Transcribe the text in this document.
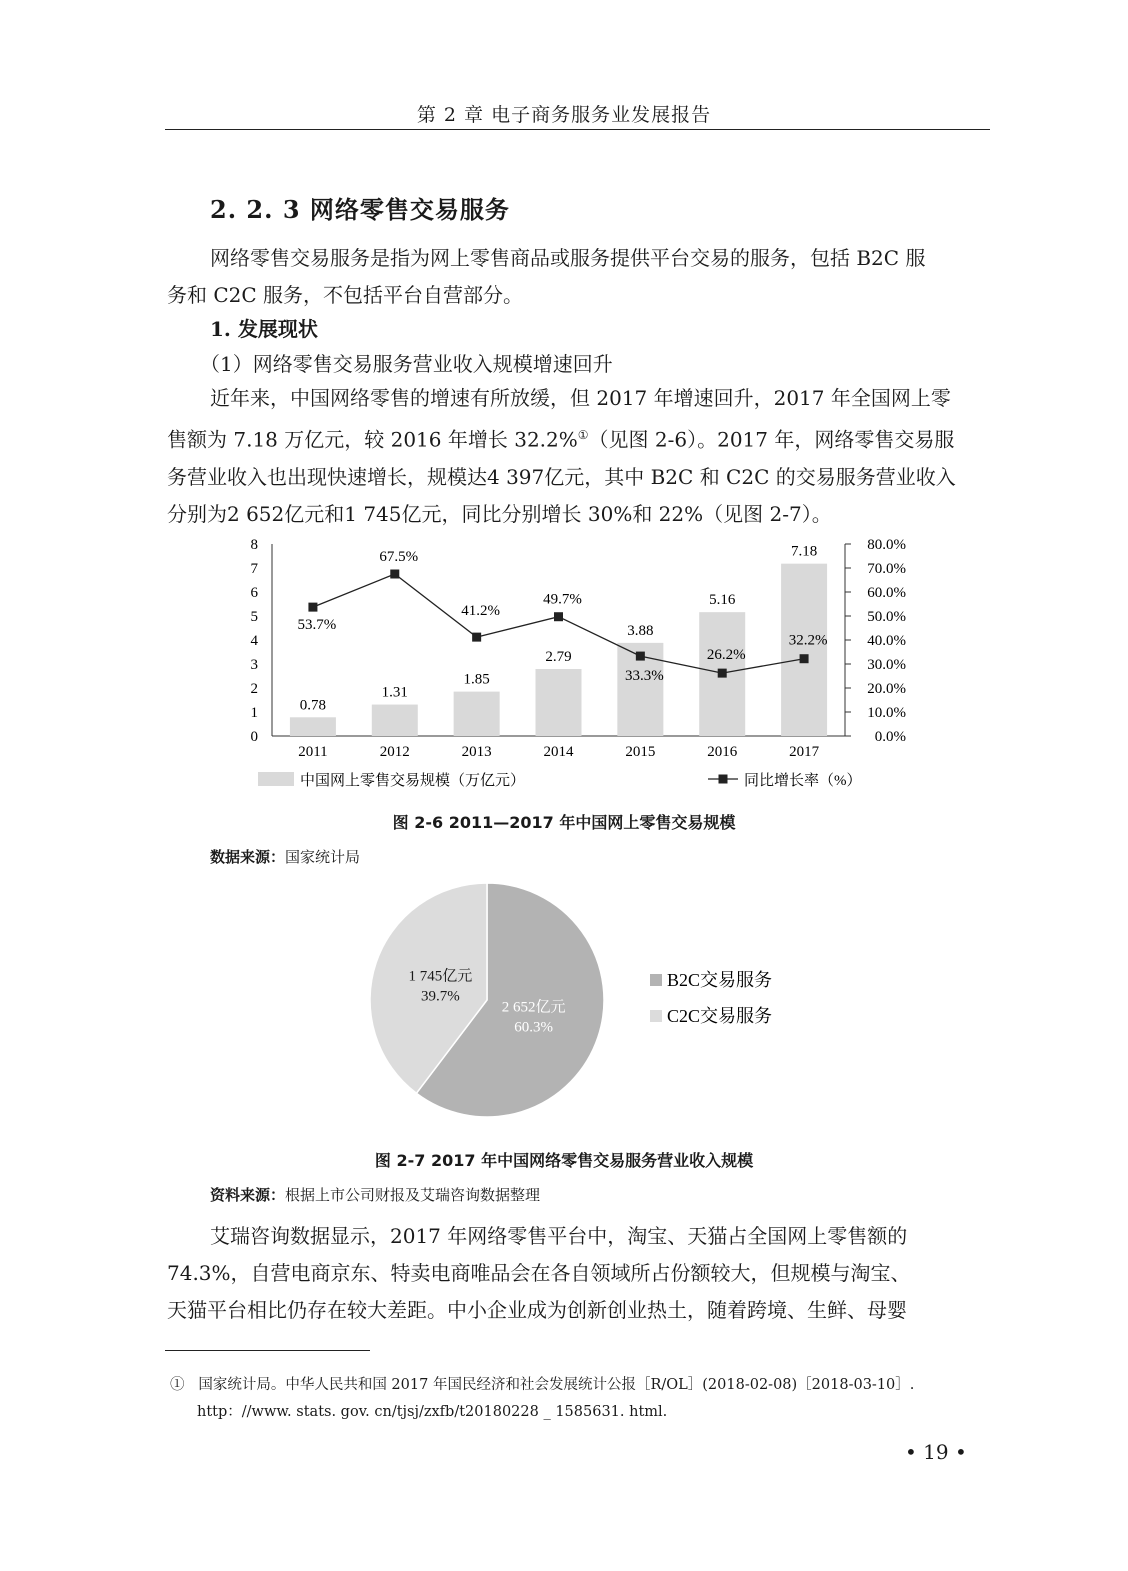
第 2 章 电子商务服务业发展报告
2. 2. 3 网络零售交易服务
网络零售交易服务是指为网上零售商品或服务提供平台交易的服务，包括 B2C 服
务和 C2C 服务，不包括平台自营部分。
1. 发展现状
（1）网络零售交易服务营业收入规模增速回升
近年来，中国网络零售的增速有所放缓，但 2017 年增速回升，2017 年全国网上零
售额为 7.18 万亿元，较 2016 年增长 32.2%①（见图 2-6）。2017 年，网络零售交易服
务营业收入也出现快速增长，规模达4 397亿元，其中 B2C 和 C2C 的交易服务营业收入
分别为2 652亿元和1 745亿元，同比分别增长 30%和 22%（见图 2-7）。
0
1
2
3
4
5
6
7
8
0.0%
10.0%
20.0%
30.0%
40.0%
50.0%
60.0%
70.0%
80.0%
0.78
2011
1.31
2012
1.85
2013
2.79
2014
3.88
2015
5.16
2016
7.18
2017
53.7%
67.5%
41.2%
49.7%
33.3%
26.2%
32.2%
中国网上零售交易规模（万亿元）	同比增长率（%）
图 2-6 2011—2017 年中国网上零售交易规模
数据来源：国家统计局
2 652亿元
60.3%
B2C交易服务
1 745亿元
39.7%
C2C交易服务
图 2-7 2017 年中国网络零售交易服务营业收入规模
资料来源：根据上市公司财报及艾瑞咨询数据整理
艾瑞咨询数据显示，2017 年网络零售平台中，淘宝、天猫占全国网上零售额的
74.3%，自营电商京东、特卖电商唯品会在各自领域所占份额较大，但规模与淘宝、
天猫平台相比仍存在较大差距。中小企业成为创新创业热土，随着跨境、生鲜、母婴
① 国家统计局。中华人民共和国 2017 年国民经济和社会发展统计公报［R/OL］(2018-02-08)［2018-03-10］.
http：//www. stats. gov. cn/tjsj/zxfb/t20180228 _ 1585631. html.
• 19 •
